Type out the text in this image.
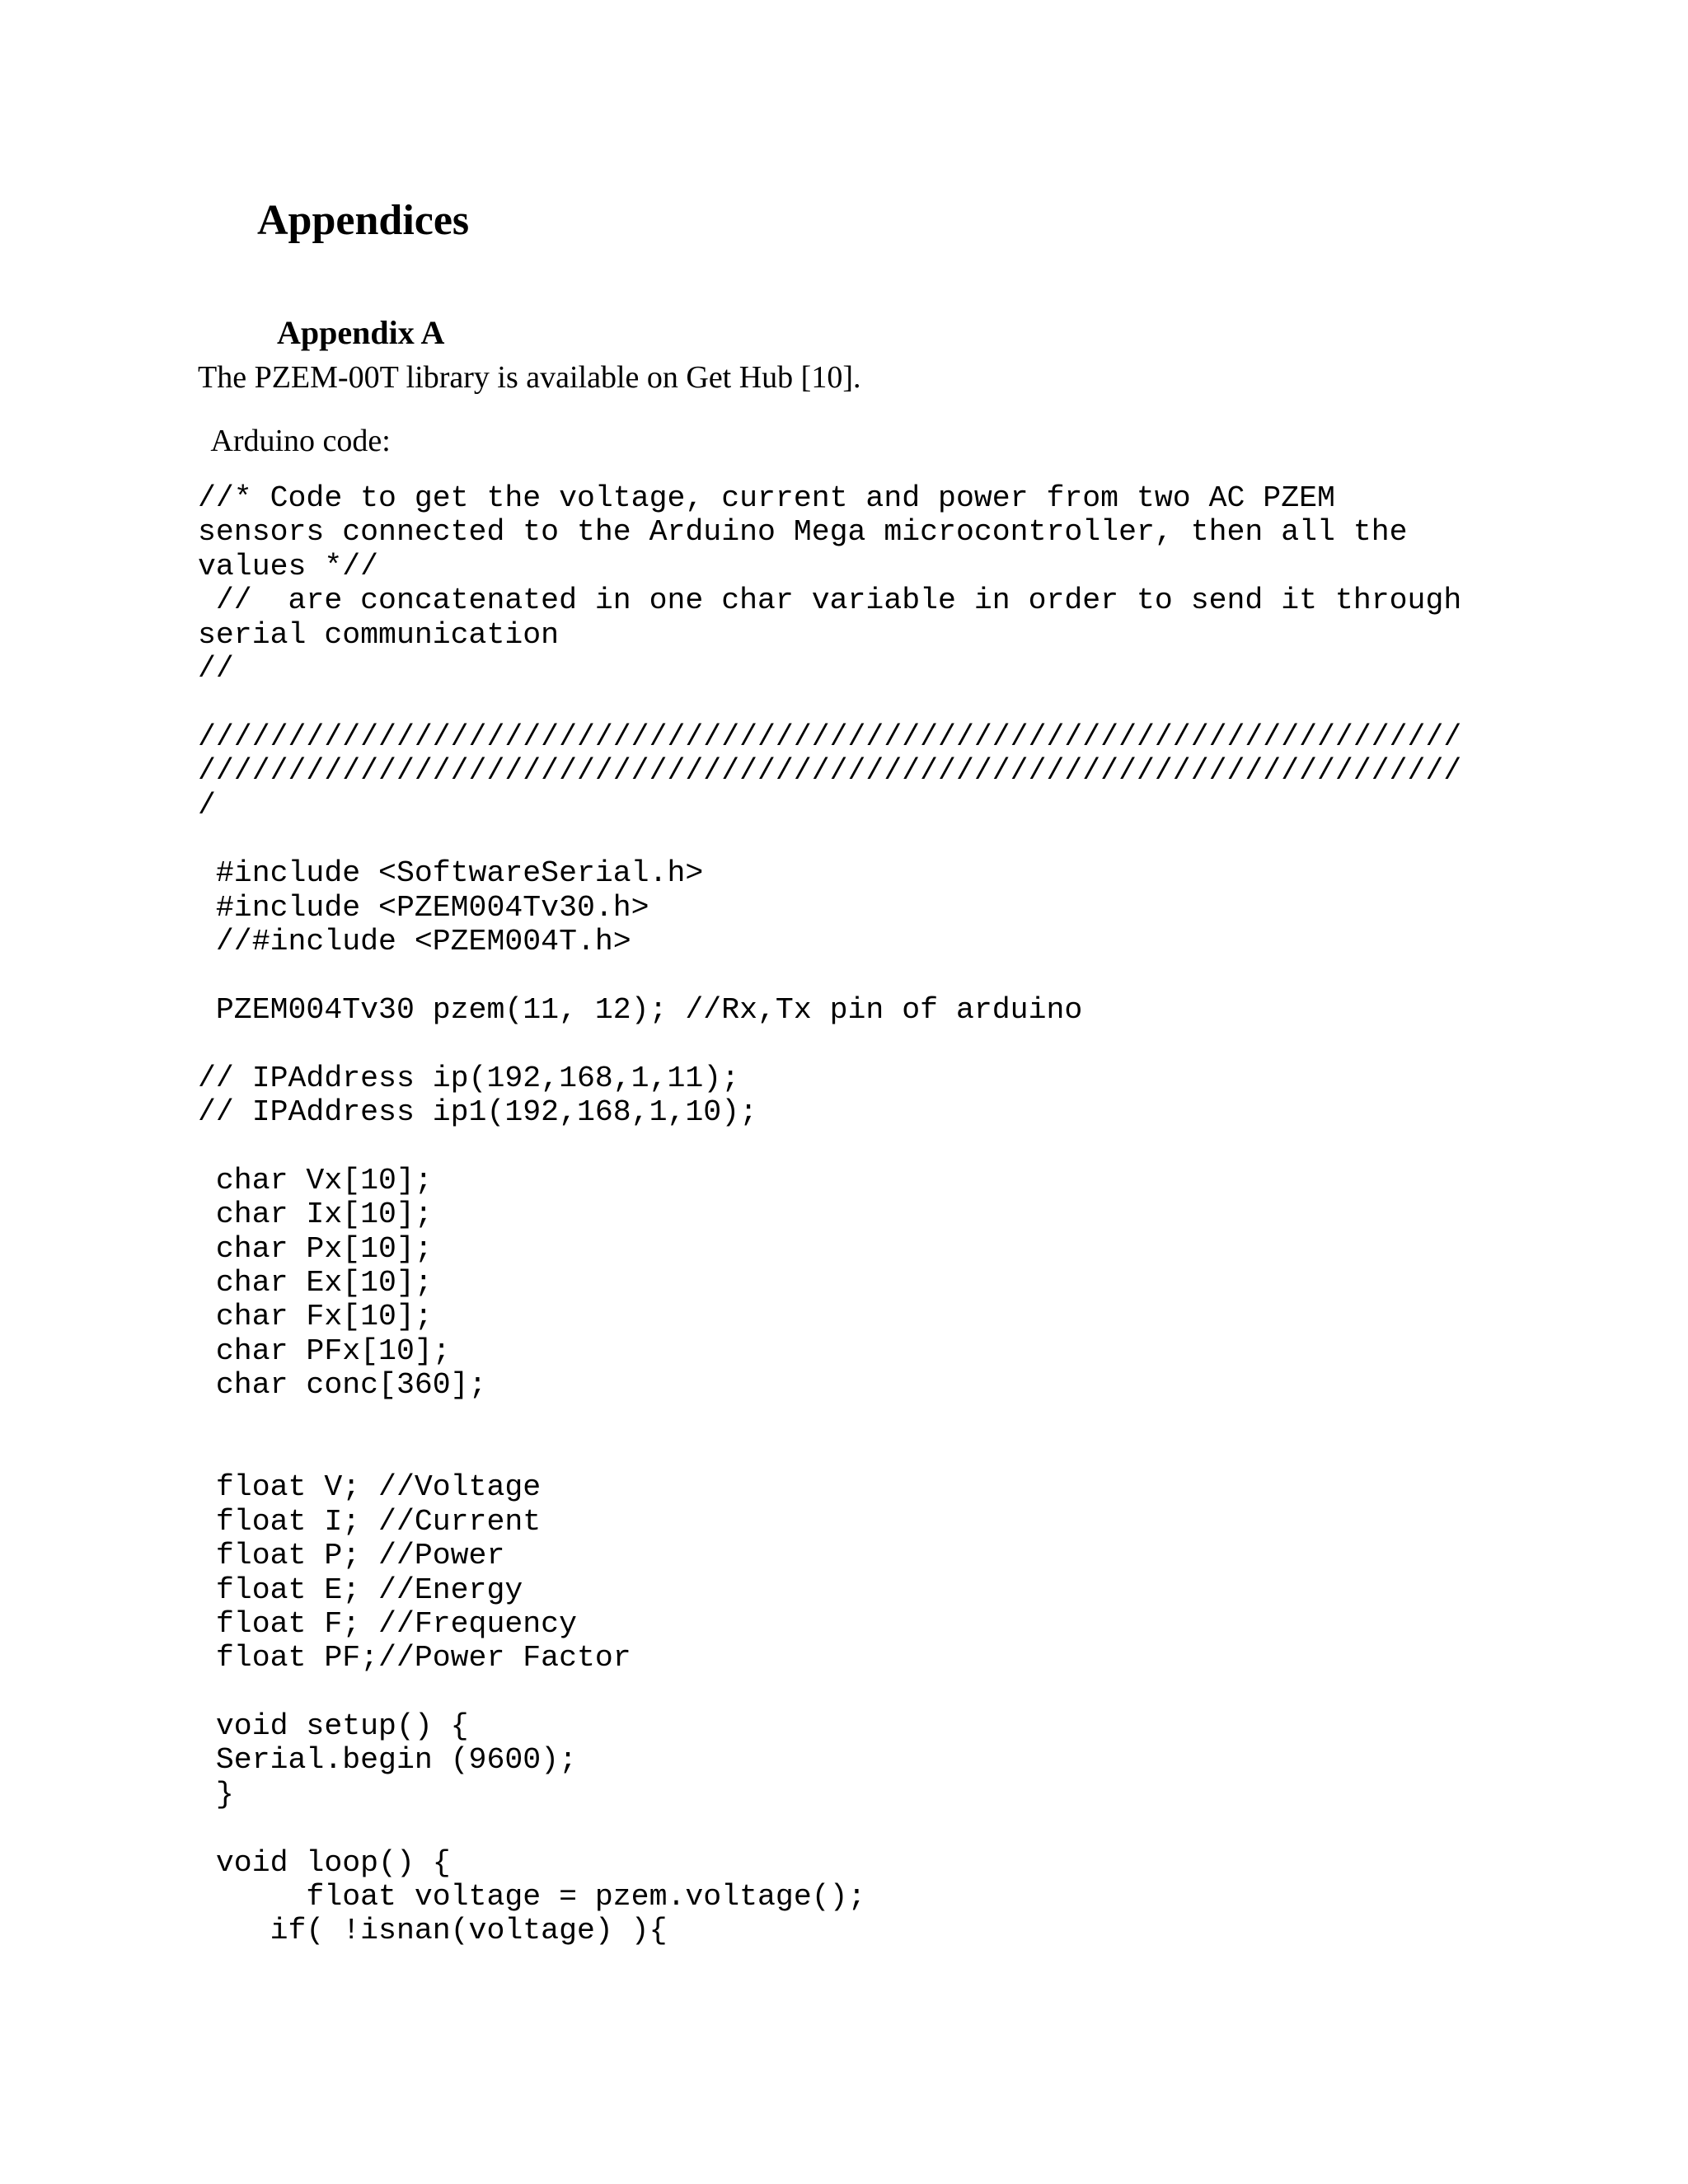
Appendices
Appendix A

The PZEM-00T library is available on Get Hub [10].

Arduino code:

//* Code to get the voltage, current and power from two AC PZEM
sensors connected to the Arduino Mega microcontroller, then all the
values *//
//  are concatenated in one char variable in order to send it through
serial communication
//
//////////////////////////////////////////////////////////////////////
//////////////////////////////////////////////////////////////////////
/
#include <SoftwareSerial.h>
#include <PZEM004Tv30.h>
//#include <PZEM004T.h>
PZEM004Tv30 pzem(11, 12); //Rx,Tx pin of arduino
// IPAddress ip(192,168,1,11);
// IPAddress ip1(192,168,1,10);
char Vx[10];
char Ix[10];
char Px[10];
char Ex[10];
char Fx[10];
char PFx[10];
char conc[360];
float V; //Voltage
float I; //Current
float P; //Power
float E; //Energy
float F; //Frequency
float PF;//Power Factor
void setup() {
Serial.begin (9600);
}
void loop() {
float voltage = pzem.voltage();
if( !isnan(voltage) ){
